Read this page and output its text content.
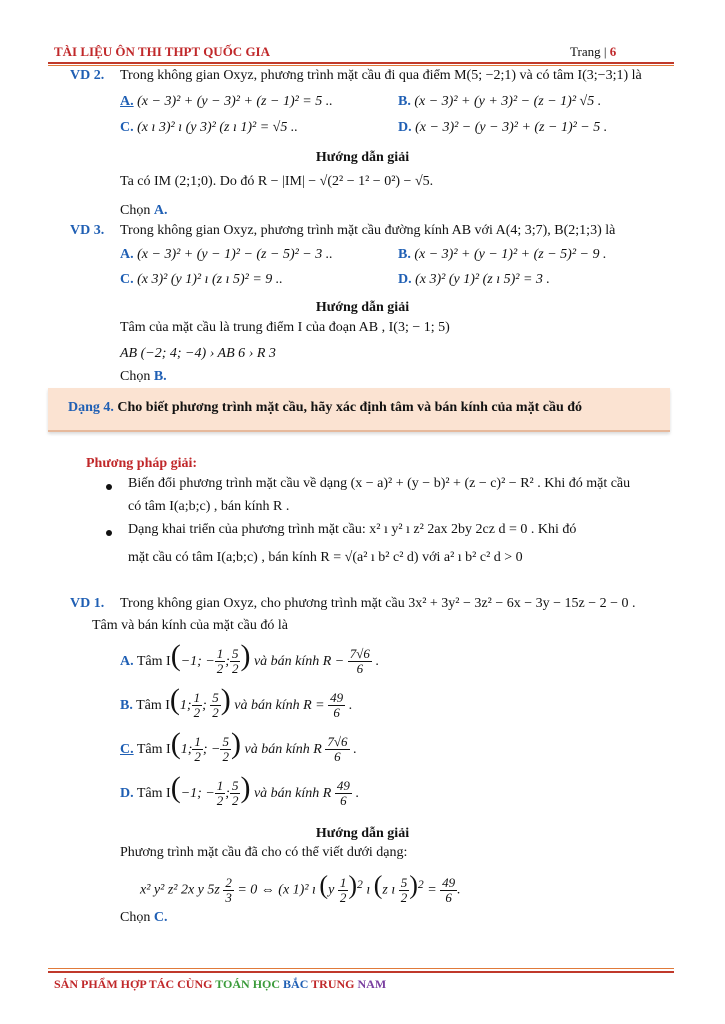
TÀI LIỆU ÔN THI THPT QUỐC GIA	Trang | 6
VD 2. Trong không gian Oxyz, phương trình mặt cầu đi qua điểm M(5; −2;1) và có tâm I(3;−3;1) là
A. (x − 3)² + (y − 3)² + (z − 1)² = 5 ..	B. (x − 3)² + (y + 3)² − (z − 1)² √5 .
C. (x ı 3)² ı (y 3)² (z ı 1)² = √5 ..	D. (x − 3)² − (y − 3)² + (z − 1)² − 5 .
Hướng dẫn giải
Ta có IM (2;1;0). Do đó R − |IM| − √(2² − 1² − 0²) − √5.
Chọn A.
VD 3. Trong không gian Oxyz, phương trình mặt cầu đường kính AB với A(4; 3;7), B(2;1;3) là
A. (x − 3)² + (y − 1)² − (z − 5)² − 3 ..	B. (x − 3)² + (y − 1)² + (z − 5)² − 9 .
C. (x 3)² (y 1)² ı (z ı 5)² = 9 ..	D. (x 3)² (y 1)² (z ı 5)² = 3 .
Hướng dẫn giải
Tâm của mặt cầu là trung điểm I của đoạn AB , I(3; − 1; 5)
AB (−2; 4; −4) › AB 6 › R 3
Chọn B.
Dạng 4. Cho biết phương trình mặt cầu, hãy xác định tâm và bán kính của mặt cầu đó
Phương pháp giải:
Biến đổi phương trình mặt cầu về dạng (x − a)² + (y − b)² + (z − c)² − R² . Khi đó mặt cầu
có tâm I(a;b;c) , bán kính R .
Dạng khai triển của phương trình mặt cầu: x² ı y² ı z² 2ax 2by 2cz d = 0 . Khi đó
mặt cầu có tâm I(a;b;c) , bán kính R = √(a² ı b² c² d) với a² ı b² c² d > 0
VD 1. Trong không gian Oxyz, cho phương trình mặt cầu 3x² + 3y² − 3z² − 6x − 3y − 15z − 2 − 0 .
Tâm và bán kính của mặt cầu đó là
A. Tâm I(−1; − $\frac{1}{2}$ ; $\frac{5}{2}$ ) và bán kính $R - \frac{7√6}{6}$ .
B. Tâm I(1; $\frac{1}{2}$ ; $\frac{5}{2}$ ) và bán kính $R = \frac{49}{6}$ .
C. Tâm I(1; $\frac{1}{2}$ ; − $\frac{5}{2}$ ) và bán kính R $\frac{7√6}{6}$ .
D. Tâm I(−1; − $\frac{1}{2}$ ; $\frac{5}{2}$ ) và bán kính R $\frac{49}{6}$ .
Hướng dẫn giải
Phương trình mặt cầu đã cho có thể viết dưới dạng:
x² y² z² 2x y $5z \frac{2}{3} = 0$ ⇔ (x 1)² ı $(y \frac{1}{2} )^2$ ı (z ı $\frac{5}{2} )^2 = \frac{49}{6}$ .
Chọn C.
SẢN PHẨM HỢP TÁC CÙNG TOÁN HỌC BẮC TRUNG NAM
